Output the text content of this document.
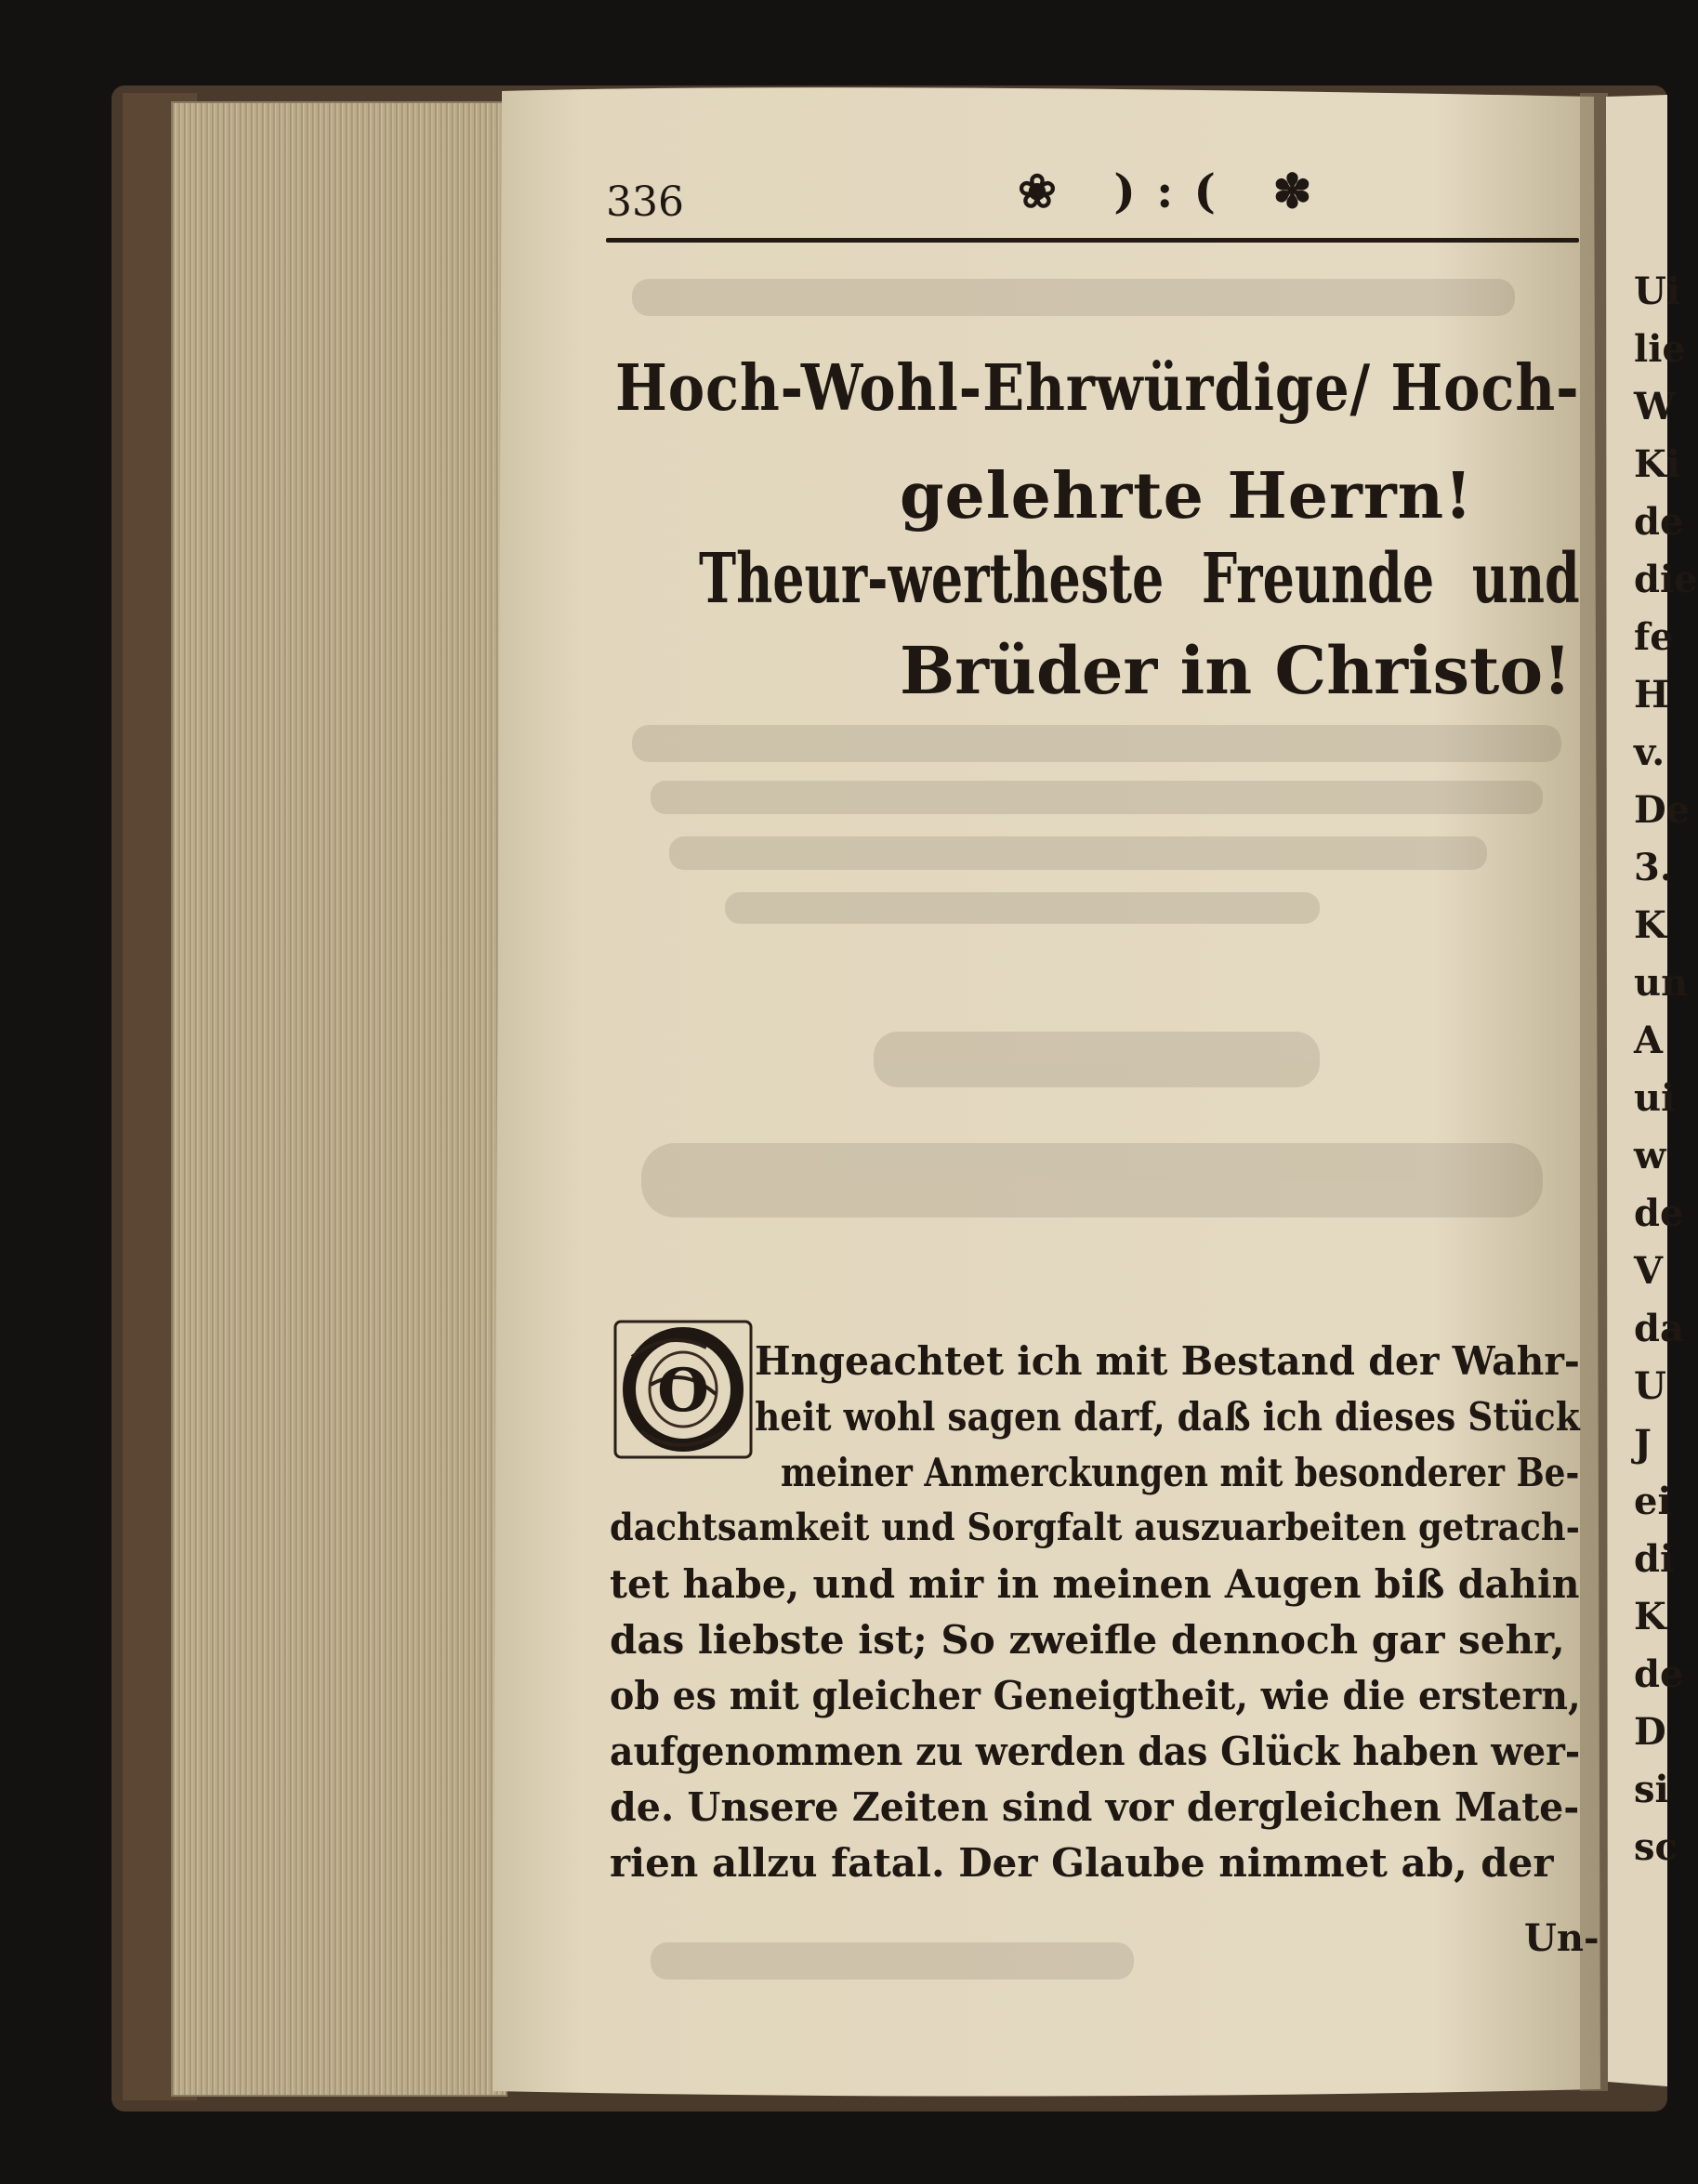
336	❀ ):( ✽
Hoch-Wohl-Ehrwürdige/ Hoch-
gelehrte Herrn!
Theur-wertheste Freunde und
Brüder in Christo!
O Hngeachtet ich mit Bestand der Wahr-
heit wohl sagen darf, daß ich dieses Stück
meiner Anmerckungen mit besonderer Be-
dachtsamkeit und Sorgfalt auszuarbeiten getrach-
tet habe, und mir in meinen Augen biß dahin
das liebste ist; So zweifle dennoch gar sehr,
ob es mit gleicher Geneigtheit, wie die erstern,
aufgenommen zu werden das Glück haben wer-
de. Unsere Zeiten sind vor dergleichen Mate-
rien allzu fatal. Der Glaube nimmet ab, der
Un-
Ui
lie
W
Ki
de
die
fe
H
v.
De
3.
K
un
A
ui
w
de
V
da
U
J
ei
di
K
de
D
si
sc
